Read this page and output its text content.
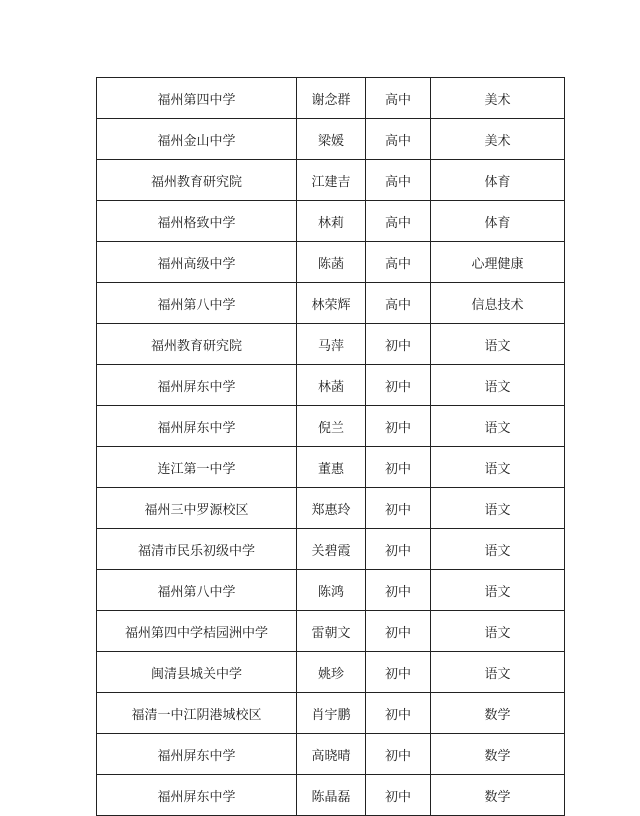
福州第四中学	谢念群	高中	美术
福州金山中学	梁媛	高中	美术
福州教育研究院	江建吉	高中	体育
福州格致中学	林莉	高中	体育
福州高级中学	陈菡	高中	心理健康
福州第八中学	林荣辉	高中	信息技术
福州教育研究院	马萍	初中	语文
福州屏东中学	林菡	初中	语文
福州屏东中学	倪兰	初中	语文
连江第一中学	董惠	初中	语文
福州三中罗源校区	郑惠玲	初中	语文
福清市民乐初级中学	关碧霞	初中	语文
福州第八中学	陈鸿	初中	语文
福州第四中学桔园洲中学	雷朝文	初中	语文
闽清县城关中学	姚珍	初中	语文
福清一中江阴港城校区	肖宇鹏	初中	数学
福州屏东中学	高晓晴	初中	数学
福州屏东中学	陈晶磊	初中	数学
